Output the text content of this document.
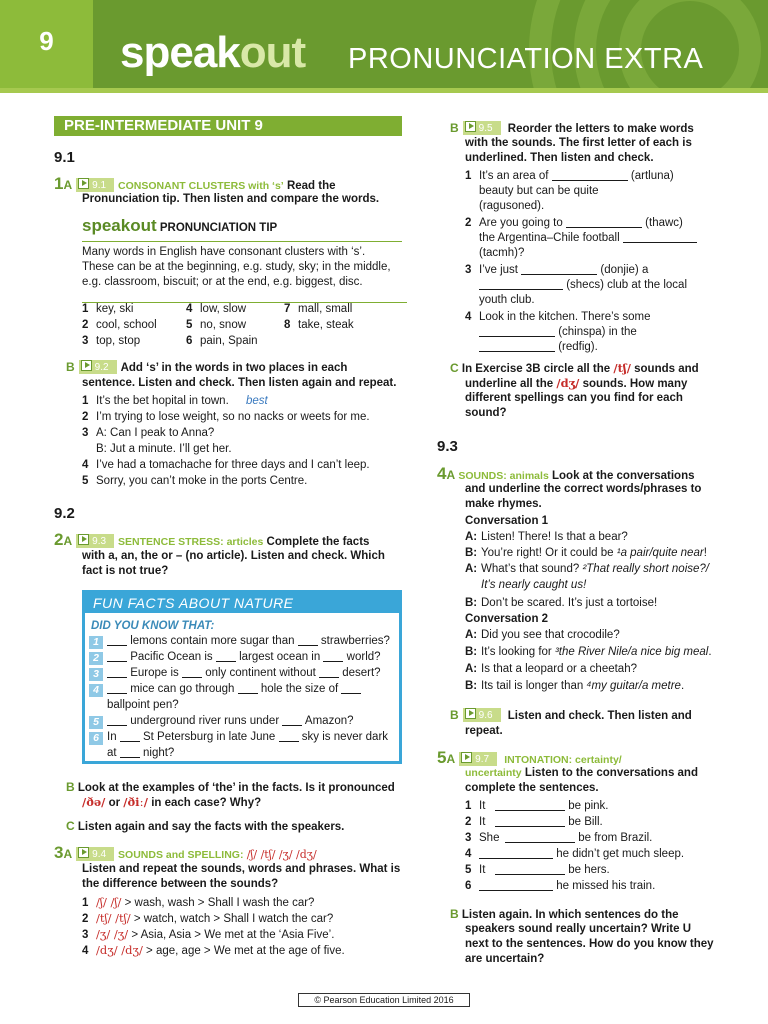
9	speakout PRONUNCIATION EXTRA
PRE-INTERMEDIATE UNIT 9
9.1
1A 9.1 CONSONANT CLUSTERS with ‘s’ Read the
Pronunciation tip. Then listen and compare the words.
speakout PRONUNCIATION TIP
Many words in English have consonant clusters with ‘s’.
These can be at the beginning, e.g. study, sky; in the middle,
e.g. classroom, biscuit; or at the end, e.g. biggest, disc.
1 key, ski	4 low, slow	7 mall, small
2 cool, school	5 no, snow	8 take, steak
3 top, stop	6 pain, Spain
B 9.2 Add ‘s’ in the words in two places in each
sentence. Listen and check. Then listen again and repeat.
1 It’s the bet hopital in town. best
2 I’m trying to lose weight, so no nacks or weets for me.
3 A: Can I peak to Anna?
B: Jut a minute. I’ll get her.
4 I’ve had a tomachache for three days and I can’t leep.
5 Sorry, you can’t moke in the ports Centre.
9.2
2A 9.3 SENTENCE STRESS: articles Complete the facts
with a, an, the or – (no article). Listen and check. Which
fact is not true?
FUN FACTS ABOUT NATURE
DID YOU KNOW THAT:
1	lemons contain more sugar than strawberries?
2	Pacific Ocean is largest ocean in world?
3	Europe is only continent without desert?
4	mice can go through hole the size of
ballpoint pen?
5	underground river runs under Amazon?
6 In St Petersburg in late June sky is never dark
at night?
B Look at the examples of ‘the’ in the facts. Is it pronounced
/ðə/ or /ðiː/ in each case? Why?
C Listen again and say the facts with the speakers.
3A 9.4 SOUNDS and SPELLING: /ʃ/ /tʃ/ /ʒ/ /dʒ/
Listen and repeat the sounds, words and phrases. What is
the difference between the sounds?
1 /ʃ/ /ʃ/ > wash, wash > Shall I wash the car?
2 /tʃ/ /tʃ/ > watch, watch > Shall I watch the car?
3 /ʒ/ /ʒ/ > Asia, Asia > We met at the ‘Asia Five’.
4 /dʒ/ /dʒ/ > age, age > We met at the age of five.
B 9.5 Reorder the letters to make words
with the sounds. The first letter of each is
underlined. Then listen and check.
1 It’s an area of	(artluna)
beauty but can be quite
(ragusoned).
2 Are you going to	(thawc)
the Argentina–Chile football
(tacmh)?
3 I’ve just	(donjie) a
(shecs) club at the local
youth club.
4 Look in the kitchen. There’s some
(chinspa) in the
(redfig).
C In Exercise 3B circle all the /tʃ/ sounds and
underline all the /dʒ/ sounds. How many
different spellings can you find for each
sound?
9.3
4A SOUNDS: animals Look at the conversations
and underline the correct words/phrases to
make rhymes.
Conversation 1
A: Listen! There! Is that a bear?
B: You’re right! Or it could be ¹a pair/quite near!
A: What’s that sound? ²That really short noise?/
It’s nearly caught us!
B: Don’t be scared. It’s just a tortoise!
Conversation 2
A: Did you see that crocodile?
B: It’s looking for ³the River Nile/a nice big meal.
A: Is that a leopard or a cheetah?
B: Its tail is longer than ⁴my guitar/a metre.
B 9.6 Listen and check. Then listen and
repeat.
5A 9.7 INTONATION: certainty/
uncertainty Listen to the conversations and
complete the sentences.
1 It	be pink.
2 It	be Bill.
3 She	be from Brazil.
4	he didn’t get much sleep.
5 It	be hers.
6	he missed his train.
B Listen again. In which sentences do the
speakers sound really uncertain? Write U
next to the sentences. How do you know they
are uncertain?
© Pearson Education Limited 2016
